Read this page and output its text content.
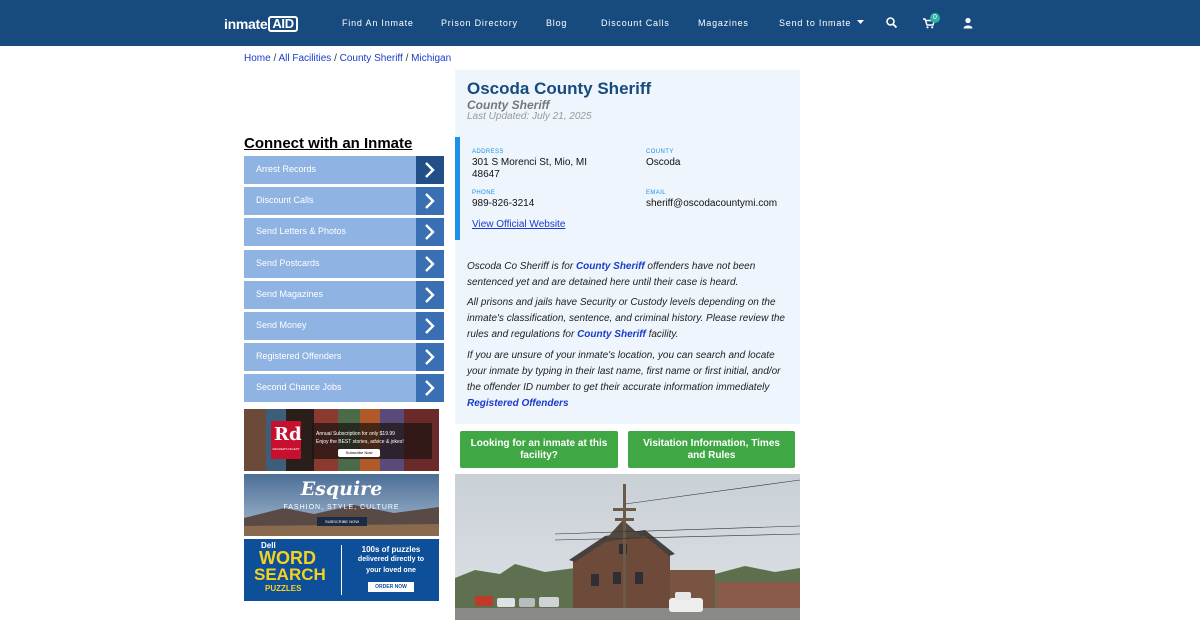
inmate AID	Find An Inmate	Prison Directory	Blog	Discount Calls	Magazines	Send to Inmate
0
Home / All Facilities / County Sheriff / Michigan
Connect with an Inmate
Arrest Records
Discount Calls
Send Letters & Photos
Send Postcards
Send Magazines
Send Money
Registered Offenders
Second Chance Jobs
Rd
READER'S DIGEST
Annual Subscription for only $19.99
Enjoy the BEST stories, advice & jokes!
Subscribe Now
Esquire
FASHION, STYLE, CULTURE
SUBSCRIBE NOW
Dell
WORD
SEARCH
PUZZLES
100s of puzzles
delivered directly to
your loved one
ORDER NOW
Oscoda County Sheriff
County Sheriff
Last Updated: July 21, 2025
ADDRESS
301 S Morenci St, Mio, MI
48647
COUNTY
Oscoda
PHONE
989-826-3214
EMAIL
sheriff@oscodacountymi.com
View Official Website

Oscoda Co Sheriff is for County Sheriff offenders have not been sentenced yet and are detained here until their case is heard.

All prisons and jails have Security or Custody levels depending on the inmate's classification, sentence, and criminal history. Please review the rules and regulations for County Sheriff facility.

If you are unsure of your inmate's location, you can search and locate your inmate by typing in their last name, first name or first initial, and/or the offender ID number to get their accurate information immediately
Registered Offenders

Looking for an inmate at this facility?
Visitation Information, Times and Rules
